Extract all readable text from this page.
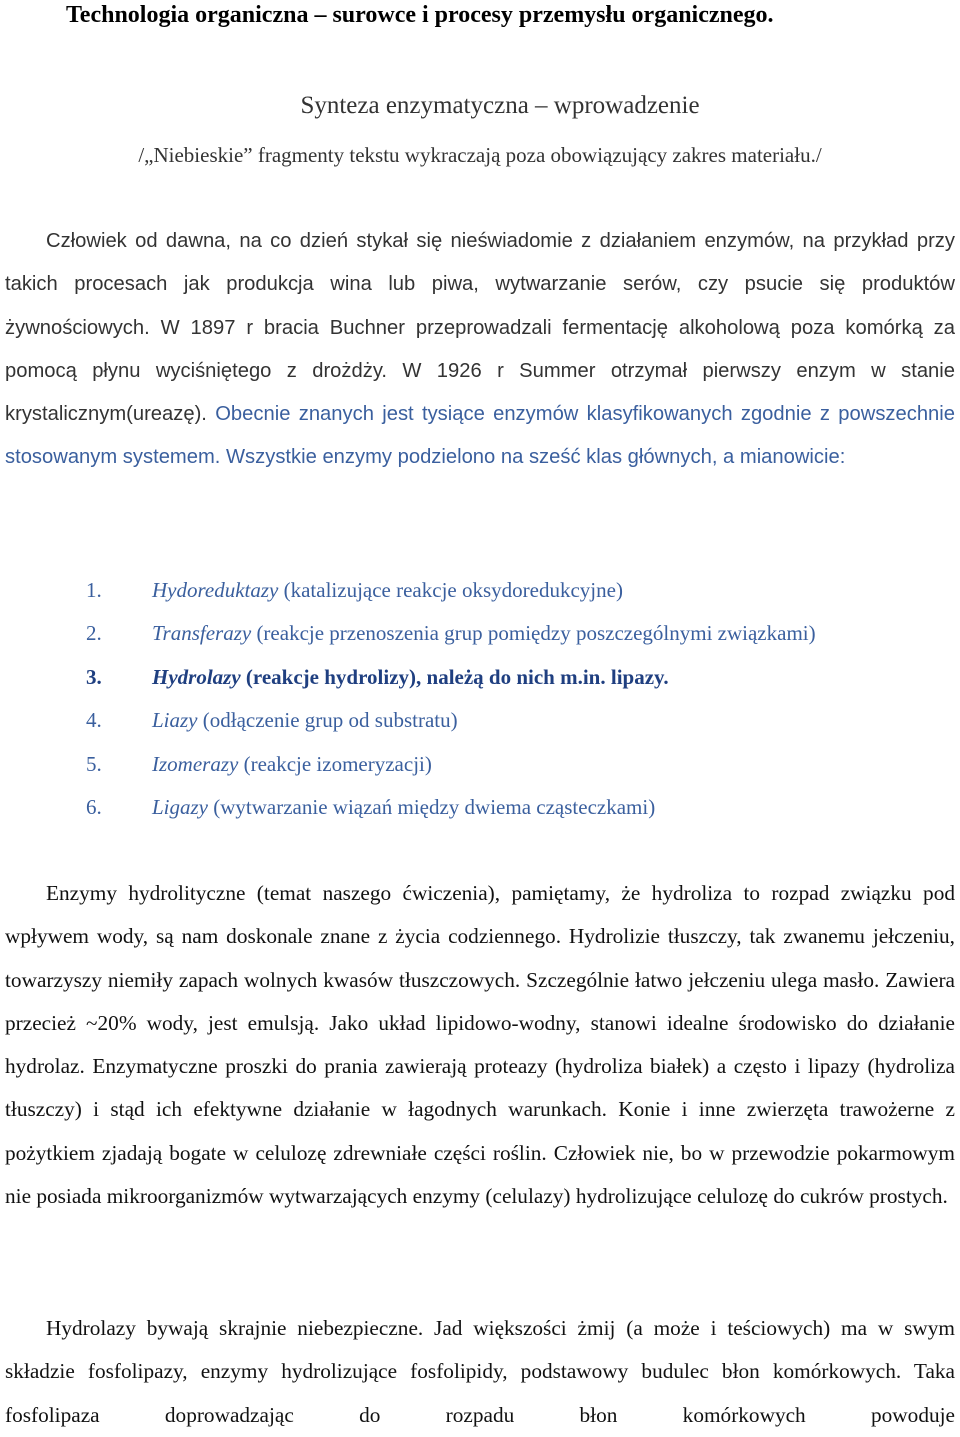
Technologia organiczna – surowce i procesy przemysłu organicznego.
Synteza enzymatyczna – wprowadzenie
/„Niebieskie” fragmenty tekstu wykraczają poza obowiązujący zakres materiału./

Człowiek od dawna, na co dzień stykał się nieświadomie z działaniem enzymów, na przykład przy takich procesach jak produkcja wina lub piwa, wytwarzanie serów, czy psucie się produktów żywnościowych. W 1897 r bracia Buchner przeprowadzali fermentację alkoholową poza komórką za pomocą płynu wyciśniętego z drożdży. W 1926 r Summer otrzymał pierwszy enzym w stanie krystalicznym(ureazę). Obecnie znanych jest tysiące enzymów klasyfikowanych zgodnie z powszechnie stosowanym systemem. Wszystkie enzymy podzielono na sześć klas głównych, a mianowicie:

1. Hydoreduktazy (katalizujące reakcje oksydoredukcyjne)
2. Transferazy (reakcje przenoszenia grup pomiędzy poszczególnymi związkami)
3. Hydrolazy (reakcje hydrolizy), należą do nich m.in. lipazy.
4. Liazy (odłączenie grup od substratu)
5. Izomerazy (reakcje izomeryzacji)
6. Ligazy (wytwarzanie wiązań między dwiema cząsteczkami)

Enzymy hydrolityczne (temat naszego ćwiczenia), pamiętamy, że hydroliza to rozpad związku pod wpływem wody, są nam doskonale znane z życia codziennego. Hydrolizie tłuszczy, tak zwanemu jełczeniu, towarzyszy niemiły zapach wolnych kwasów tłuszczowych. Szczególnie łatwo jełczeniu ulega masło. Zawiera przecież ~20% wody, jest emulsją. Jako układ lipidowo-wodny, stanowi idealne środowisko do działanie hydrolaz. Enzymatyczne proszki do prania zawierają proteazy (hydroliza białek) a często i lipazy (hydroliza tłuszczy) i stąd ich efektywne działanie w łagodnych warunkach. Konie i inne zwierzęta trawożerne z pożytkiem zjadają bogate w celulozę zdrewniałe części roślin. Człowiek nie, bo w przewodzie pokarmowym nie posiada mikroorganizmów wytwarzających enzymy (celulazy) hydrolizujące celulozę do cukrów prostych.

Hydrolazy bywają skrajnie niebezpieczne. Jad większości żmij (a może i teściowych) ma w swym składzie fosfolipazy, enzymy hydrolizujące fosfolipidy, podstawowy budulec błon komórkowych. Taka fosfolipaza doprowadzając do rozpadu błon komórkowych powoduje
